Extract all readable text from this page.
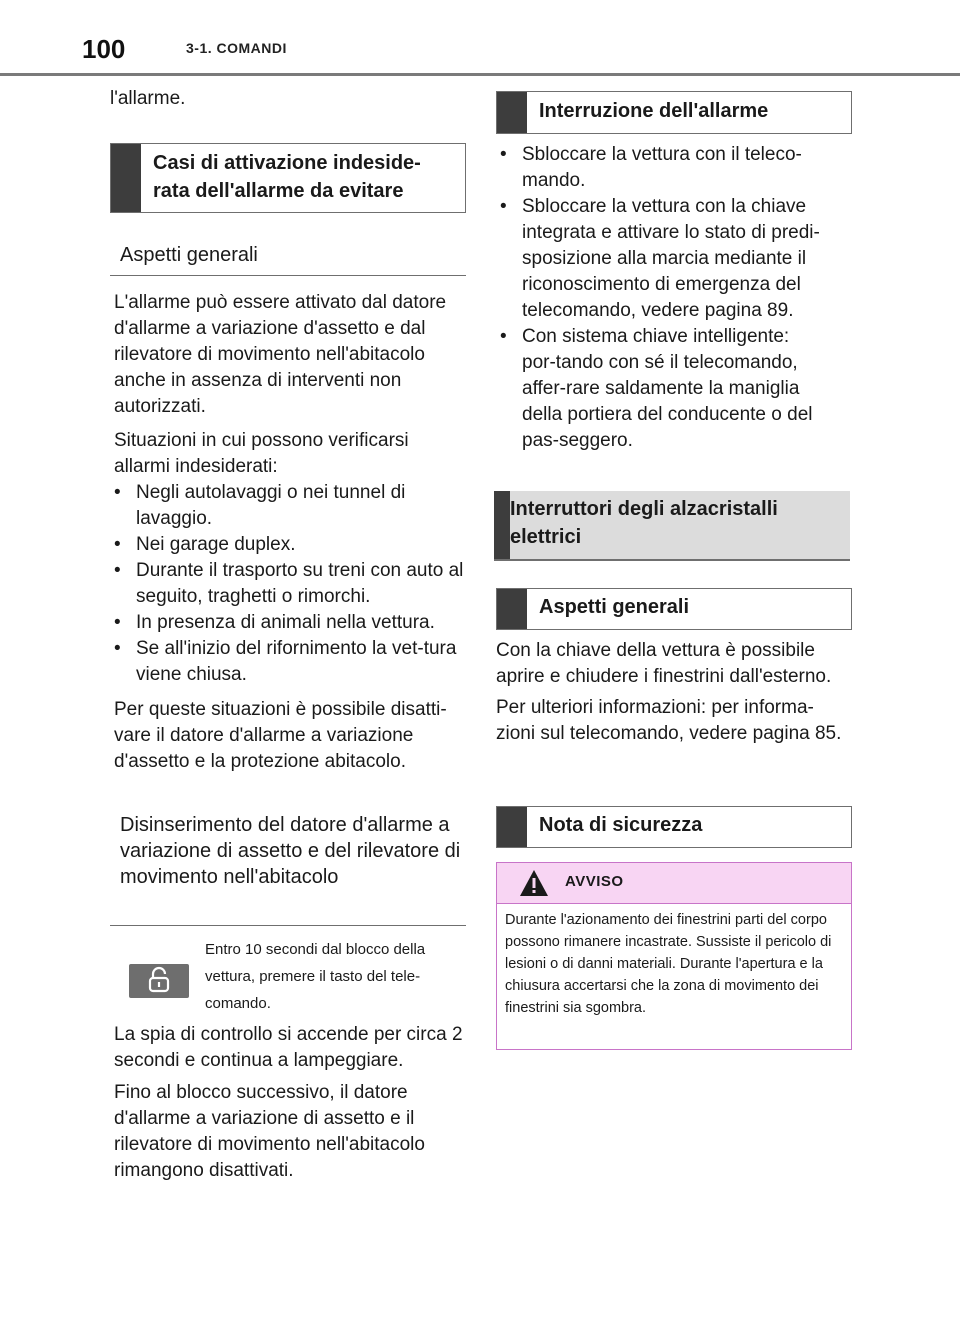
100	3-1. COMANDI

l'allarme.

Casi di attivazione indeside-
rata dell'allarme da evitare
Aspetti generali

L'allarme può essere attivato dal datore d'allarme a variazione d'assetto e dal rilevatore di movimento nell'abitacolo anche in assenza di interventi non autorizzati.

Situazioni in cui possono verificarsi allarmi indesiderati:

• Negli autolavaggi o nei tunnel di lavaggio.
• Nei garage duplex.
• Durante il trasporto su treni con auto al seguito, traghetti o rimorchi.
• In presenza di animali nella vettura.
• Se all'inizio del rifornimento la vet-tura viene chiusa.

Per queste situazioni è possibile disatti-vare il datore d'allarme a variazione d'assetto e la protezione abitacolo.

Disinserimento del datore d'allarme a variazione di assetto e del rilevatore di movimento nell'abitacolo
Entro 10 secondi dal blocco della vettura, premere il tasto del tele-comando.

La spia di controllo si accende per circa 2 secondi e continua a lampeggiare.

Fino al blocco successivo, il datore d'allarme a variazione di assetto e il rilevatore di movimento nell'abitacolo rimangono disattivati.

Interruzione dell'allarme
• Sbloccare la vettura con il teleco-mando.
• Sbloccare la vettura con la chiave integrata e attivare lo stato di predi-sposizione alla marcia mediante il riconoscimento di emergenza del telecomando, vedere pagina 89.
• Con sistema chiave intelligente: por-tando con sé il telecomando, affer-rare saldamente la maniglia della portiera del conducente o del pas-seggero.
Interruttori degli alzacristalli elettrici
Aspetti generali

Con la chiave della vettura è possibile aprire e chiudere i finestrini dall'esterno.

Per ulteriori informazioni: per informa-zioni sul telecomando, vedere pagina 85.

Nota di sicurezza
AVVISO
Durante l'azionamento dei finestrini parti del corpo possono rimanere incastrate. Sussiste il pericolo di lesioni o di danni materiali. Durante l'apertura e la chiusura accertarsi che la zona di movimento dei finestrini sia sgombra.
